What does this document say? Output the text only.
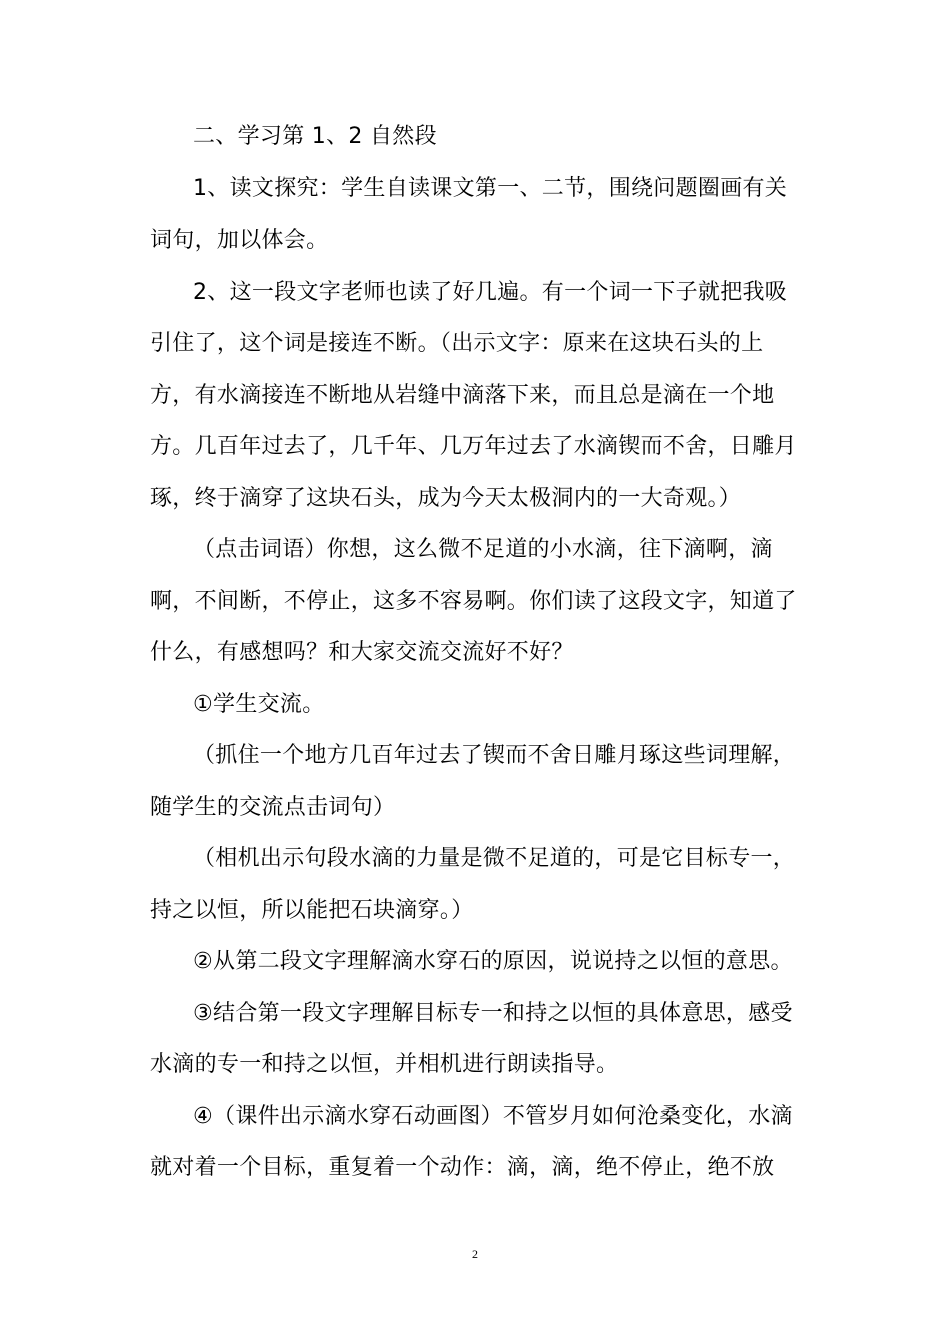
二、学习第 1、2 自然段
1、读文探究：学生自读课文第一、二节，围绕问题圈画有关
词句，加以体会。
2、这一段文字老师也读了好几遍。有一个词一下子就把我吸
引住了，这个词是接连不断。（出示文字：原来在这块石头的上
方，有水滴接连不断地从岩缝中滴落下来，而且总是滴在一个地
方。几百年过去了，几千年、几万年过去了水滴锲而不舍，日雕月
琢，终于滴穿了这块石头，成为今天太极洞内的一大奇观。）
（点击词语）你想，这么微不足道的小水滴，往下滴啊，滴
啊，不间断，不停止，这多不容易啊。你们读了这段文字，知道了
什么，有感想吗？和大家交流交流好不好？
①学生交流。
（抓住一个地方几百年过去了锲而不舍日雕月琢这些词理解，
随学生的交流点击词句）
（相机出示句段水滴的力量是微不足道的，可是它目标专一，
持之以恒，所以能把石块滴穿。）
②从第二段文字理解滴水穿石的原因，说说持之以恒的意思。
③结合第一段文字理解目标专一和持之以恒的具体意思，感受
水滴的专一和持之以恒，并相机进行朗读指导。
④（课件出示滴水穿石动画图）不管岁月如何沧桑变化，水滴
就对着一个目标，重复着一个动作：滴，滴，绝不停止，绝不放
2
